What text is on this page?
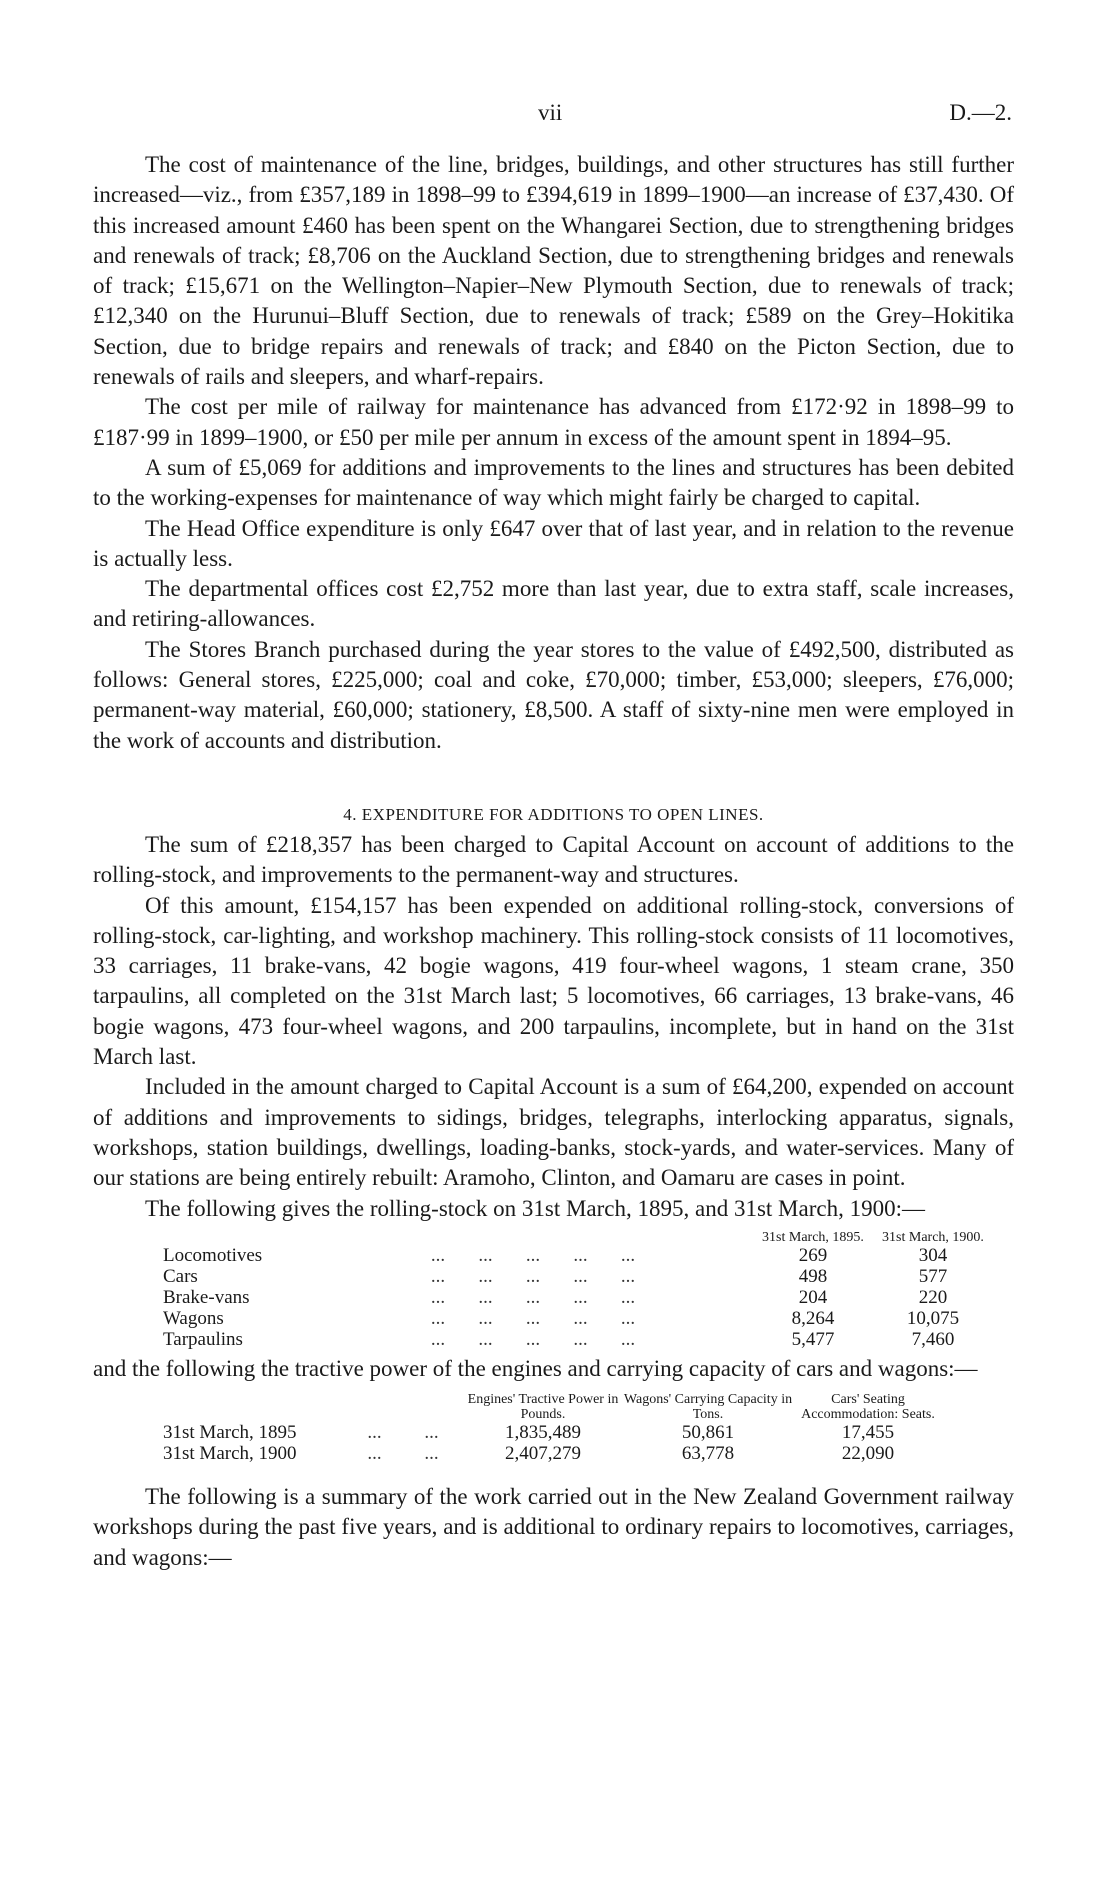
vii	D.—2.

The cost of maintenance of the line, bridges, buildings, and other structures has still further increased—viz., from £357,189 in 1898–99 to £394,619 in 1899–1900—an increase of £37,430. Of this increased amount £460 has been spent on the Whangarei Section, due to strengthening bridges and renewals of track; £8,706 on the Auckland Section, due to strengthening bridges and renewals of track; £15,671 on the Wellington–Napier–New Plymouth Section, due to renewals of track; £12,340 on the Hurunui–Bluff Section, due to renewals of track; £589 on the Grey–Hokitika Section, due to bridge repairs and renewals of track; and £840 on the Picton Section, due to renewals of rails and sleepers, and wharf-repairs.

The cost per mile of railway for maintenance has advanced from £172·92 in 1898–99 to £187·99 in 1899–1900, or £50 per mile per annum in excess of the amount spent in 1894–95.

A sum of £5,069 for additions and improvements to the lines and structures has been debited to the working-expenses for maintenance of way which might fairly be charged to capital.

The Head Office expenditure is only £647 over that of last year, and in relation to the revenue is actually less.

The departmental offices cost £2,752 more than last year, due to extra staff, scale increases, and retiring-allowances.

The Stores Branch purchased during the year stores to the value of £492,500, distributed as follows: General stores, £225,000; coal and coke, £70,000; timber, £53,000; sleepers, £76,000; permanent-way material, £60,000; stationery, £8,500. A staff of sixty-nine men were employed in the work of accounts and distribution.

4. EXPENDITURE FOR ADDITIONS TO OPEN LINES.

The sum of £218,357 has been charged to Capital Account on account of additions to the rolling-stock, and improvements to the permanent-way and structures.

Of this amount, £154,157 has been expended on additional rolling-stock, conversions of rolling-stock, car-lighting, and workshop machinery. This rolling-stock consists of 11 locomotives, 33 carriages, 11 brake-vans, 42 bogie wagons, 419 four-wheel wagons, 1 steam crane, 350 tarpaulins, all completed on the 31st March last; 5 locomotives, 66 carriages, 13 brake-vans, 46 bogie wagons, 473 four-wheel wagons, and 200 tarpaulins, incomplete, but in hand on the 31st March last.

Included in the amount charged to Capital Account is a sum of £64,200, expended on account of additions and improvements to sidings, bridges, telegraphs, interlocking apparatus, signals, workshops, station buildings, dwellings, loading-banks, stock-yards, and water-services. Many of our stations are being entirely rebuilt: Aramoho, Clinton, and Oamaru are cases in point.

The following gives the rolling-stock on 31st March, 1895, and 31st March, 1900:—

		31st March, 1895.	31st March, 1900.
Locomotives	... ... ... ... ...	269	304
Cars	... ... ... ... ...	498	577
Brake-vans	... ... ... ... ...	204	220
Wagons	... ... ... ... ...	8,264	10,075
Tarpaulins	... ... ... ... ...	5,477	7,460

and the following the tractive power of the engines and carrying capacity of cars and wagons:—

		Engines' Tractive Power in Pounds.	Wagons' Carrying Capacity in Tons.	Cars' Seating Accommodation: Seats.
31st March, 1895	... ...	1,835,489	50,861	17,455
31st March, 1900	... ...	2,407,279	63,778	22,090

The following is a summary of the work carried out in the New Zealand Government railway workshops during the past five years, and is additional to ordinary repairs to locomotives, carriages, and wagons:—
